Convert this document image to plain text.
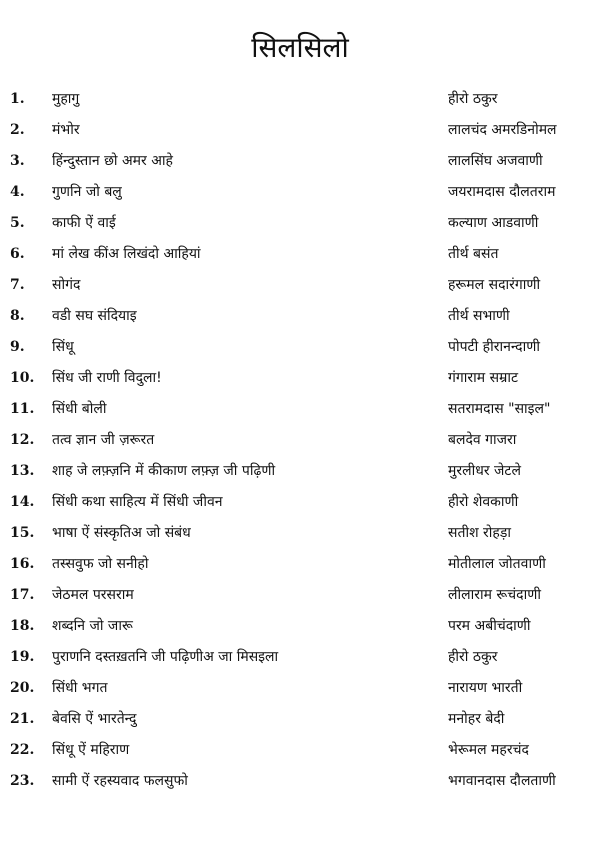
सिलसिलो
1. मुहागु	हीरो ठकुर
2. मंभोर	लालचंद अमरडिनोमल
3. हिंन्दुस्तान छो अमर आहे	लालसिंघ अजवाणी
4. गुणनि जो बलु	जयरामदास दौलतराम
5. काफी ऐं वाई	कल्याण आडवाणी
6. मां लेख कींअ लिखंदो आहियां	तीर्थ बसंत
7. सोगंद	हरूमल सदारंगाणी
8. वडी सघ संदियाइ	तीर्थ सभाणी
9. सिंधू	पोपटी हीरानन्दाणी
10. सिंध जी राणी विदुला!	गंगाराम सम्राट
11. सिंधी बोली	सतरामदास "साइल"
12. तत्व ज्ञान जी ज़रूरत	बलदेव गाजरा
13. शाह जे लफ़्ज़नि में कीकाण लफ़्ज़ जी पढ़िणी	मुरलीधर जेटले
14. सिंधी कथा साहित्य में सिंधी जीवन	हीरो शेवकाणी
15. भाषा ऐं संस्कृतिअ जो संबंध	सतीश रोहड़ा
16. तस्सवुफ जो सनीहो	मोतीलाल जोतवाणी
17. जेठमल परसराम	लीलाराम रूचंदाणी
18. शब्दनि जो जारू	परम अबीचंदाणी
19. पुराणनि दस्तख़तनि जी पढ़िणीअ जा मिसइला	हीरो ठकुर
20. सिंधी भगत	नारायण भारती
21. बेवसि ऐं भारतेन्दु	मनोहर बेदी
22. सिंधू ऐं महिराण	भेरूमल महरचंद
23. सामी ऐं रहस्यवाद फलसुफो	भगवानदास दौलताणी
